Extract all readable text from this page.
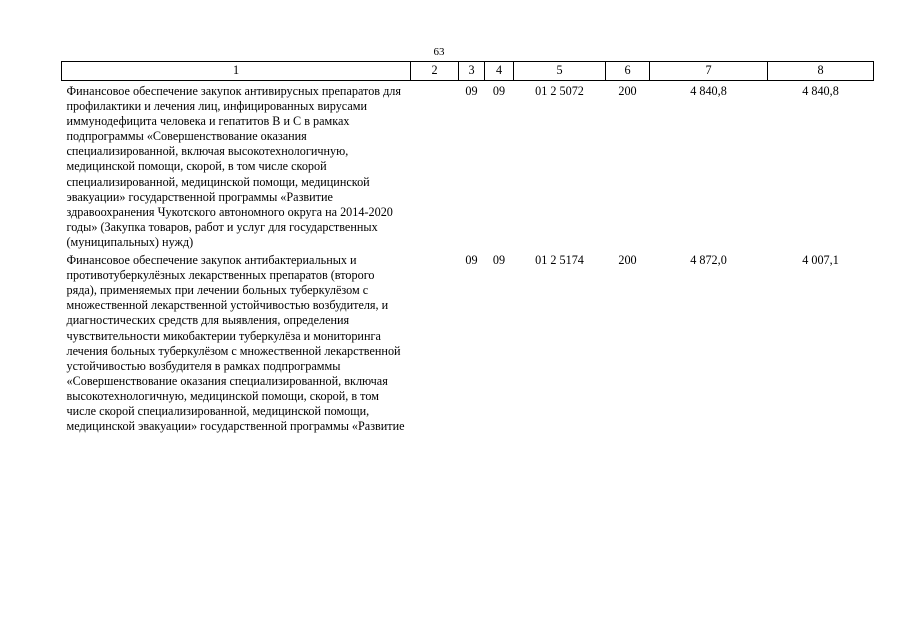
63
1	2	3	4	5	6	7	8
Финансовое обеспечение закупок антивирусных препаратов для профилактики и лечения лиц, инфицированных вирусами иммунодефицита человека и гепатитов В и С в рамках подпрограммы «Совершенствование оказания специализированной, включая высокотехнологичную, медицинской помощи, скорой, в том числе скорой специализированной, медицинской помощи, медицинской эвакуации» государственной программы «Развитие здравоохранения Чукотского автономного округа на 2014-2020 годы» (Закупка товаров, работ и услуг для государственных (муниципальных) нужд)		09	09	01 2 5072	200	4 840,8	4 840,8
Финансовое обеспечение закупок антибактериальных и противотуберкулёзных лекарственных препаратов (второго ряда), применяемых при лечении больных туберкулёзом с множественной лекарственной устойчивостью возбудителя, и диагностических средств для выявления, определения чувствительности микобактерии туберкулёза и мониторинга лечения больных туберкулёзом с множественной лекарственной устойчивостью возбудителя в рамках подпрограммы «Совершенствование оказания специализированной, включая высокотехнологичную, медицинской помощи, скорой, в том числе скорой специализированной, медицинской помощи, медицинской эвакуации» государственной программы «Развитие		09	09	01 2 5174	200	4 872,0	4 007,1
